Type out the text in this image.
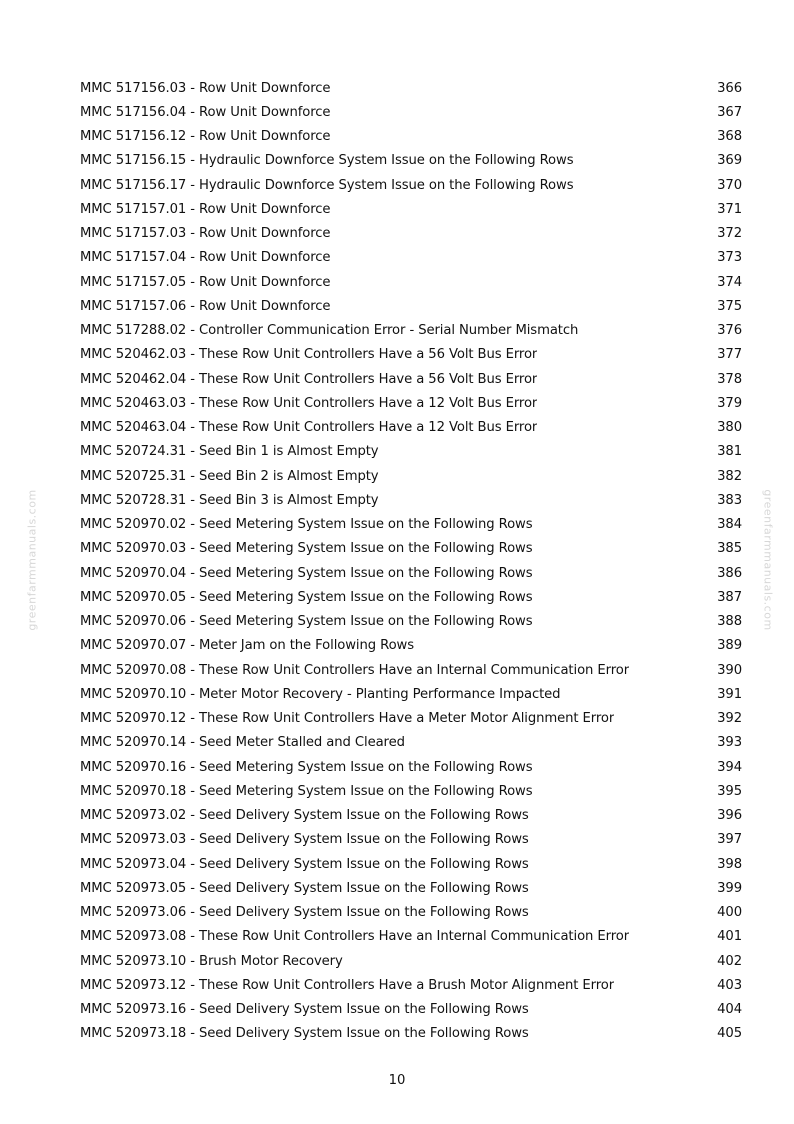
greenfarmmanuals.com	greenfarmmanuals.com
MMC 517156.03 - Row Unit Downforce	366
MMC 517156.04 - Row Unit Downforce	367
MMC 517156.12 - Row Unit Downforce	368
MMC 517156.15 - Hydraulic Downforce System Issue on the Following Rows	369
MMC 517156.17 - Hydraulic Downforce System Issue on the Following Rows	370
MMC 517157.01 - Row Unit Downforce	371
MMC 517157.03 - Row Unit Downforce	372
MMC 517157.04 - Row Unit Downforce	373
MMC 517157.05 - Row Unit Downforce	374
MMC 517157.06 - Row Unit Downforce	375
MMC 517288.02 - Controller Communication Error - Serial Number Mismatch	376
MMC 520462.03 - These Row Unit Controllers Have a 56 Volt Bus Error	377
MMC 520462.04 - These Row Unit Controllers Have a 56 Volt Bus Error	378
MMC 520463.03 - These Row Unit Controllers Have a 12 Volt Bus Error	379
MMC 520463.04 - These Row Unit Controllers Have a 12 Volt Bus Error	380
MMC 520724.31 - Seed Bin 1 is Almost Empty	381
MMC 520725.31 - Seed Bin 2 is Almost Empty	382
MMC 520728.31 - Seed Bin 3 is Almost Empty	383
MMC 520970.02 - Seed Metering System Issue on the Following Rows	384
MMC 520970.03 - Seed Metering System Issue on the Following Rows	385
MMC 520970.04 - Seed Metering System Issue on the Following Rows	386
MMC 520970.05 - Seed Metering System Issue on the Following Rows	387
MMC 520970.06 - Seed Metering System Issue on the Following Rows	388
MMC 520970.07 - Meter Jam on the Following Rows	389
MMC 520970.08 - These Row Unit Controllers Have an Internal Communication Error	390
MMC 520970.10 - Meter Motor Recovery - Planting Performance Impacted	391
MMC 520970.12 - These Row Unit Controllers Have a Meter Motor Alignment Error	392
MMC 520970.14 - Seed Meter Stalled and Cleared	393
MMC 520970.16 - Seed Metering System Issue on the Following Rows	394
MMC 520970.18 - Seed Metering System Issue on the Following Rows	395
MMC 520973.02 - Seed Delivery System Issue on the Following Rows	396
MMC 520973.03 - Seed Delivery System Issue on the Following Rows	397
MMC 520973.04 - Seed Delivery System Issue on the Following Rows	398
MMC 520973.05 - Seed Delivery System Issue on the Following Rows	399
MMC 520973.06 - Seed Delivery System Issue on the Following Rows	400
MMC 520973.08 - These Row Unit Controllers Have an Internal Communication Error	401
MMC 520973.10 - Brush Motor Recovery	402
MMC 520973.12 - These Row Unit Controllers Have a Brush Motor Alignment Error	403
MMC 520973.16 - Seed Delivery System Issue on the Following Rows	404
MMC 520973.18 - Seed Delivery System Issue on the Following Rows	405
10
